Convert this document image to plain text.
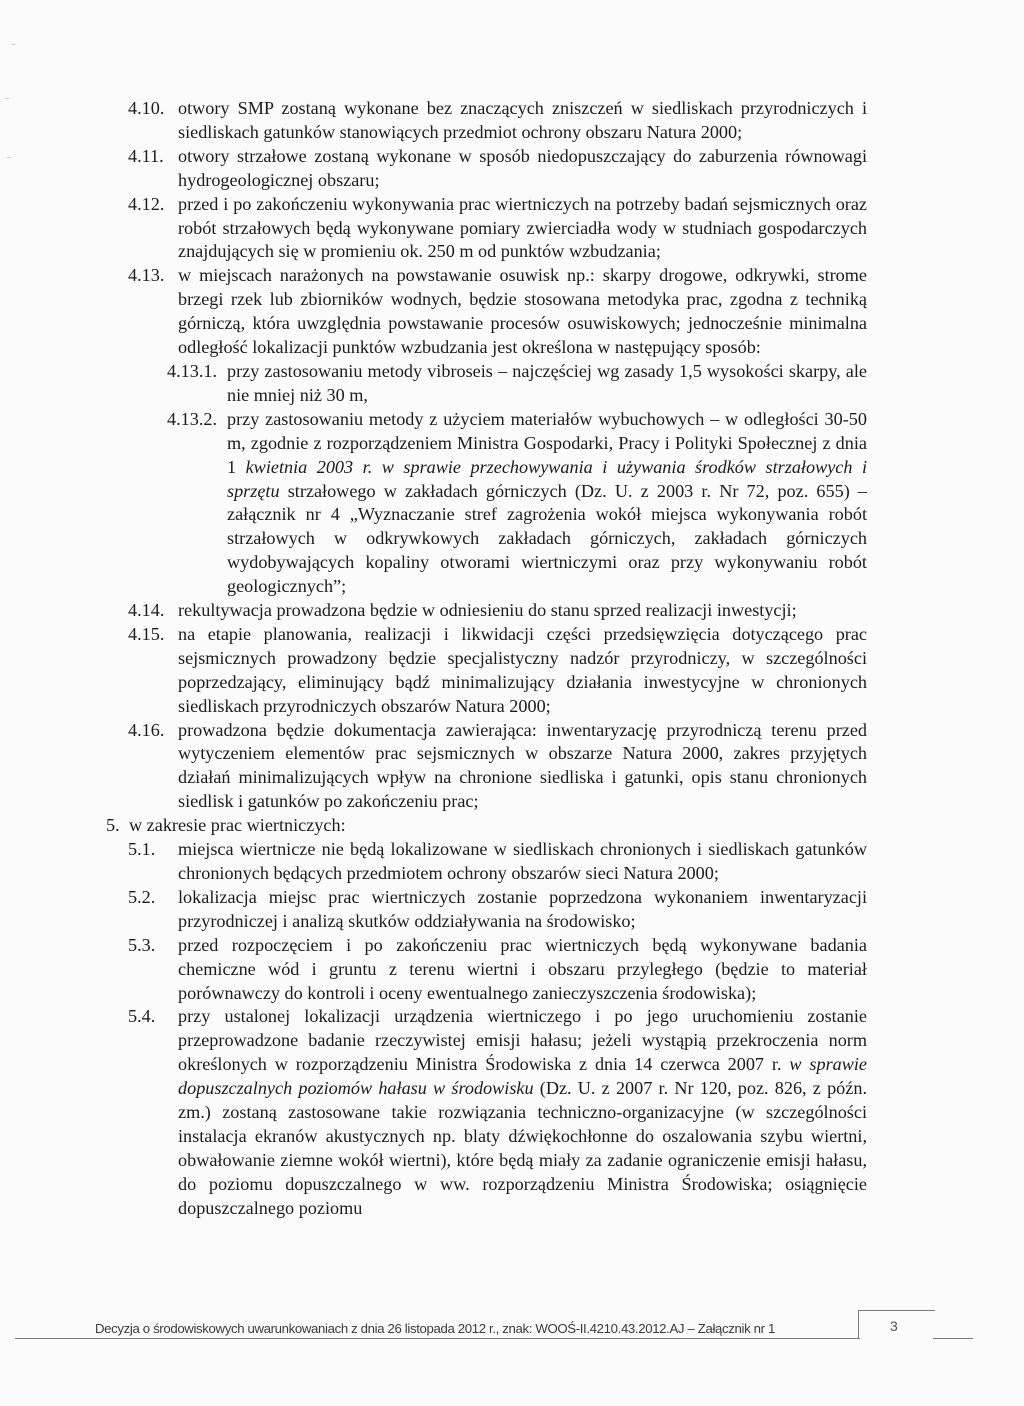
4.10. otwory SMP zostaną wykonane bez znaczących zniszczeń w siedliskach przyrodniczych i siedliskach gatunków stanowiących przedmiot ochrony obszaru Natura 2000;
4.11. otwory strzałowe zostaną wykonane w sposób niedopuszczający do zaburzenia równowagi hydrogeologicznej obszaru;
4.12. przed i po zakończeniu wykonywania prac wiertniczych na potrzeby badań sejsmicznych oraz robót strzałowych będą wykonywane pomiary zwierciadła wody w studniach gospodarczych znajdujących się w promieniu ok. 250 m od punktów wzbudzania;
4.13. w miejscach narażonych na powstawanie osuwisk np.: skarpy drogowe, odkrywki, strome brzegi rzek lub zbiorników wodnych, będzie stosowana metodyka prac, zgodna z techniką górniczą, która uwzględnia powstawanie procesów osuwiskowych; jednocześnie minimalna odległość lokalizacji punktów wzbudzania jest określona w następujący sposób:
4.13.1. przy zastosowaniu metody vibroseis – najczęściej wg zasady 1,5 wysokości skarpy, ale nie mniej niż 30 m,
4.13.2. przy zastosowaniu metody z użyciem materiałów wybuchowych – w odległości 30-50 m, zgodnie z rozporządzeniem Ministra Gospodarki, Pracy i Polityki Społecznej z dnia 1 kwietnia 2003 r. w sprawie przechowywania i używania środków strzałowych i sprzętu strzałowego w zakładach górniczych (Dz. U. z 2003 r. Nr 72, poz. 655) – załącznik nr 4 „Wyznaczanie stref zagrożenia wokół miejsca wykonywania robót strzałowych w odkrywkowych zakładach górniczych, zakładach górniczych wydobywających kopaliny otworami wiertniczymi oraz przy wykonywaniu robót geologicznych”;
4.14. rekultywacja prowadzona będzie w odniesieniu do stanu sprzed realizacji inwestycji;
4.15. na etapie planowania, realizacji i likwidacji części przedsięwzięcia dotyczącego prac sejsmicznych prowadzony będzie specjalistyczny nadzór przyrodniczy, w szczególności poprzedzający, eliminujący bądź minimalizujący działania inwestycyjne w chronionych siedliskach przyrodniczych obszarów Natura 2000;
4.16. prowadzona będzie dokumentacja zawierająca: inwentaryzację przyrodniczą terenu przed wytyczeniem elementów prac sejsmicznych w obszarze Natura 2000, zakres przyjętych działań minimalizujących wpływ na chronione siedliska i gatunki, opis stanu chronionych siedlisk i gatunków po zakończeniu prac;
5. w zakresie prac wiertniczych:
5.1. miejsca wiertnicze nie będą lokalizowane w siedliskach chronionych i siedliskach gatunków chronionych będących przedmiotem ochrony obszarów sieci Natura 2000;
5.2. lokalizacja miejsc prac wiertniczych zostanie poprzedzona wykonaniem inwentaryzacji przyrodniczej i analizą skutków oddziaływania na środowisko;
5.3. przed rozpoczęciem i po zakończeniu prac wiertniczych będą wykonywane badania chemiczne wód i gruntu z terenu wiertni i obszaru przyległego (będzie to materiał porównawczy do kontroli i oceny ewentualnego zanieczyszczenia środowiska);
5.4. przy ustalonej lokalizacji urządzenia wiertniczego i po jego uruchomieniu zostanie przeprowadzone badanie rzeczywistej emisji hałasu; jeżeli wystąpią przekroczenia norm określonych w rozporządzeniu Ministra Środowiska z dnia 14 czerwca 2007 r. w sprawie dopuszczalnych poziomów hałasu w środowisku (Dz. U. z 2007 r. Nr 120, poz. 826, z późn. zm.) zostaną zastosowane takie rozwiązania techniczno-organizacyjne (w szczególności instalacja ekranów akustycznych np. blaty dźwiękochłonne do oszalowania szybu wiertni, obwałowanie ziemne wokół wiertni), które będą miały za zadanie ograniczenie emisji hałasu, do poziomu dopuszczalnego w ww. rozporządzeniu Ministra Środowiska; osiągnięcie dopuszczalnego poziomu
Decyzja o środowiskowych uwarunkowaniach z dnia 26 listopada 2012 r., znak: WOOŚ-II.4210.43.2012.AJ – Załącznik nr 1	3
